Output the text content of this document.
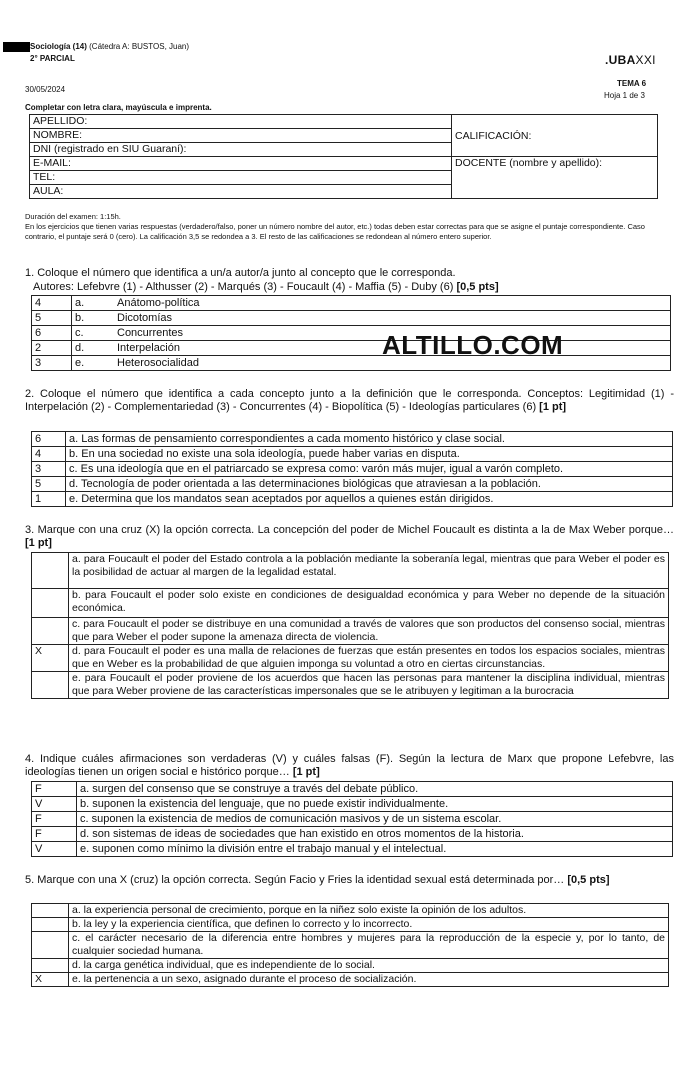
Sociología (14) (Cátedra A: BUSTOS, Juan)
2° PARCIAL	.UBAXXI
30/05/2024
TEMA 6
Hoja 1 de 3
Completar con letra clara, mayúscula e imprenta.
APELLIDO:	CALIFICACIÓN:
NOMBRE:	
DNI (registrado en SIU Guaraní):	
E-MAIL:	DOCENTE (nombre y apellido):
TEL:	
AULA:	
Duración del examen: 1:15h.
En los ejercicios que tienen varias respuestas (verdadero/falso, poner un número nombre del autor, etc.) todas deben estar correctas para que se asigne el puntaje correspondiente. Caso contrario, el puntaje será 0 (cero). La calificación 3,5 se redondea a 3. El resto de las calificaciones se redondean al número entero superior.
1. Coloque el número que identifica a un/a autor/a junto al concepto que le corresponda.
Autores: Lefebvre (1) - Althusser (2) - Marqués (3) - Foucault (4) - Maffia (5) - Duby (6) [0,5 pts]
4	a.	Anátomo-política
5	b.	Dicotomías
6	c.	Concurrentes
2	d.	Interpelación
3	e.	Heterosocialidad
ALTILLO.COM
2. Coloque el número que identifica a cada concepto junto a la definición que le corresponda. Conceptos: Legitimidad (1) - Interpelación (2) - Complementariedad (3) - Concurrentes (4) - Biopolítica (5) - Ideologías particulares (6) [1 pt]
6	a. Las formas de pensamiento correspondientes a cada momento histórico y clase social.
4	b. En una sociedad no existe una sola ideología, puede haber varias en disputa.
3	c. Es una ideología que en el patriarcado se expresa como: varón más mujer, igual a varón completo.
5	d. Tecnología de poder orientada a las determinaciones biológicas que atraviesan a la población.
1	e. Determina que los mandatos sean aceptados por aquellos a quienes están dirigidos.
3. Marque con una cruz (X) la opción correcta. La concepción del poder de Michel Foucault es distinta a la de Max Weber porque… [1 pt]
	a. para Foucault el poder del Estado controla a la población mediante la soberanía legal, mientras que para Weber el poder es la posibilidad de actuar al margen de la legalidad estatal.
	b. para Foucault el poder solo existe en condiciones de desigualdad económica y para Weber no depende de la situación económica.
	c. para Foucault el poder se distribuye en una comunidad a través de valores que son productos del consenso social, mientras que para Weber el poder supone la amenaza directa de violencia.
X	d. para Foucault el poder es una malla de relaciones de fuerzas que están presentes en todos los espacios sociales, mientras que en Weber es la probabilidad de que alguien imponga su voluntad a otro en ciertas circunstancias.
	e. para Foucault el poder proviene de los acuerdos que hacen las personas para mantener la disciplina individual, mientras que para Weber proviene de las características impersonales que se le atribuyen y legitiman a la burocracia
4. Indique cuáles afirmaciones son verdaderas (V) y cuáles falsas (F). Según la lectura de Marx que propone Lefebvre, las ideologías tienen un origen social e histórico porque… [1 pt]
F	a. surgen del consenso que se construye a través del debate público.
V	b. suponen la existencia del lenguaje, que no puede existir individualmente.
F	c. suponen la existencia de medios de comunicación masivos y de un sistema escolar.
F	d. son sistemas de ideas de sociedades que han existido en otros momentos de la historia.
V	e. suponen como mínimo la división entre el trabajo manual y el intelectual.
5. Marque con una X (cruz) la opción correcta. Según Facio y Fries la identidad sexual está determinada por… [0,5 pts]
	a. la experiencia personal de crecimiento, porque en la niñez solo existe la opinión de los adultos.
	b. la ley y la experiencia científica, que definen lo correcto y lo incorrecto.
	c. el carácter necesario de la diferencia entre hombres y mujeres para la reproducción de la especie y, por lo tanto, de cualquier sociedad humana.
	d. la carga genética individual, que es independiente de lo social.
X	e. la pertenencia a un sexo, asignado durante el proceso de socialización.
